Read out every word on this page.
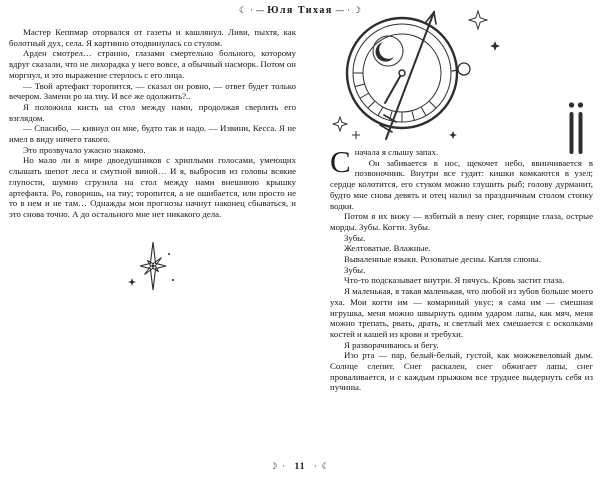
☾ · — Юля Тихая — · ☽

Мастер Кеппмар оторвался от газеты и кашлянул. Ливи, пыхтя, как болотный дух, села. Я картинно отодвинулась со стулом.

Арден смотрел… странно, глазами смертельно больного, которому вдруг сказали, что не лихорадка у него вовсе, а обычный насморк. Потом он моргнул, и это выражение стерлось с его лица.

— Твой артефакт торопится, — сказал он ровно, — ответ будет только вечером. Замени ро на тиу. И все же одолжить?..

Я положила кисть на стол между нами, продолжая сверлить его взглядом.

— Спасибо, — кивнул он мне, будто так и надо. — Извини, Кесса. Я не имел в виду ничего такого.

Это прозвучало ужасно знакомо.

Но мало ли в мире двоедушников с хриплыми голосами, умеющих слышать шепот леса и смутной виной… И я, выбросив из головы всякие глупости, шумно сгрузила на стол между нами внешнюю крышку артефакта. Ро, говоришь, на тиу; торопится, а не ошибается, или просто не то в нем и не там… Однажды мои прогнозы начнут наконец сбываться, и это снова точно. А до остального мне нет никакого дела.

С начала я слышу запах.

Он забивается в нос, щекочет небо, ввинчивается в позвоночник. Внутри все гудит: кишки комкаются в узел; сердце колотится, его стуком можно глушить рыб; голову дурманит, будто мне снова девять и отец налил за праздничным столом стопку водки.

Потом я их вижу — взбитый в пену снег, горящие глаза, острые морды. Зубы. Когти. Зубы.

Зубы.

Желтоватые. Влажные.

Вываленные языки. Розоватые десны. Капля слюны.

Зубы.

Что-то подсказывает внутри. Я пячусь. Кровь застит глаза.

Я маленькая, я такая маленькая, что любой из зубов больше моего уха. Мои когти им — комариный укус; я сама им — смешная игрушка, меня можно швырнуть одним ударом лапы, как мяч, меня можно трепать, рвать, драть, и светлый мех смешается с осколками костей и кашей из крови и требухи.

Я разворачиваюсь и бегу.

Изо рта — пар, белый-белый, густой, как можжевеловый дым. Солнце слепит. Снег раскален, снег обжигает лапы, снег проваливается, и с каждым прыжком все труднее выдернуть себя из пучины.

☽ · 11 · ☾
